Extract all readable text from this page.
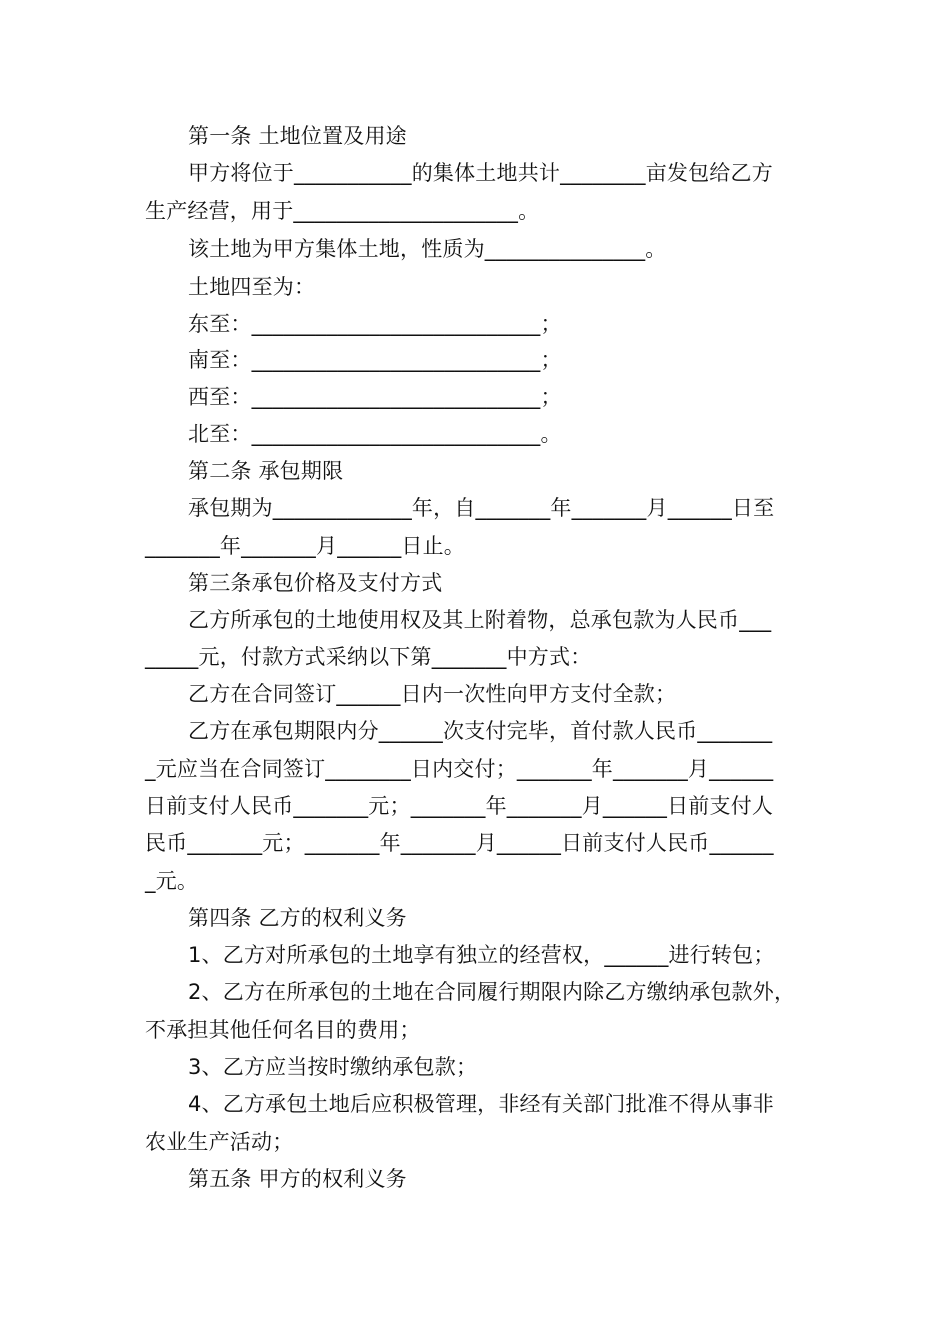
第一条 土地位置及用途
甲方将位于___________的集体土地共计________亩发包给乙方
生产经营，用于_____________________。
该土地为甲方集体土地，性质为_______________。
土地四至为：
东至：___________________________；
南至：___________________________；
西至：___________________________；
北至：___________________________。
第二条 承包期限
承包期为_____________年，自_______年_______月______日至
_______年_______月______日止。
第三条承包价格及支付方式
乙方所承包的土地使用权及其上附着物，总承包款为人民币___
_____元，付款方式采纳以下第_______中方式：
乙方在合同签订______日内一次性向甲方支付全款；
乙方在承包期限内分______次支付完毕，首付款人民币_______
_元应当在合同签订________日内交付；_______年_______月______
日前支付人民币_______元；_______年_______月______日前支付人
民币_______元；_______年_______月______日前支付人民币______
_元。
第四条 乙方的权利义务
1、乙方对所承包的土地享有独立的经营权，______进行转包；
2、乙方在所承包的土地在合同履行期限内除乙方缴纳承包款外，
不承担其他任何名目的费用；
3、乙方应当按时缴纳承包款；
4、乙方承包土地后应积极管理，非经有关部门批准不得从事非
农业生产活动；
第五条 甲方的权利义务
